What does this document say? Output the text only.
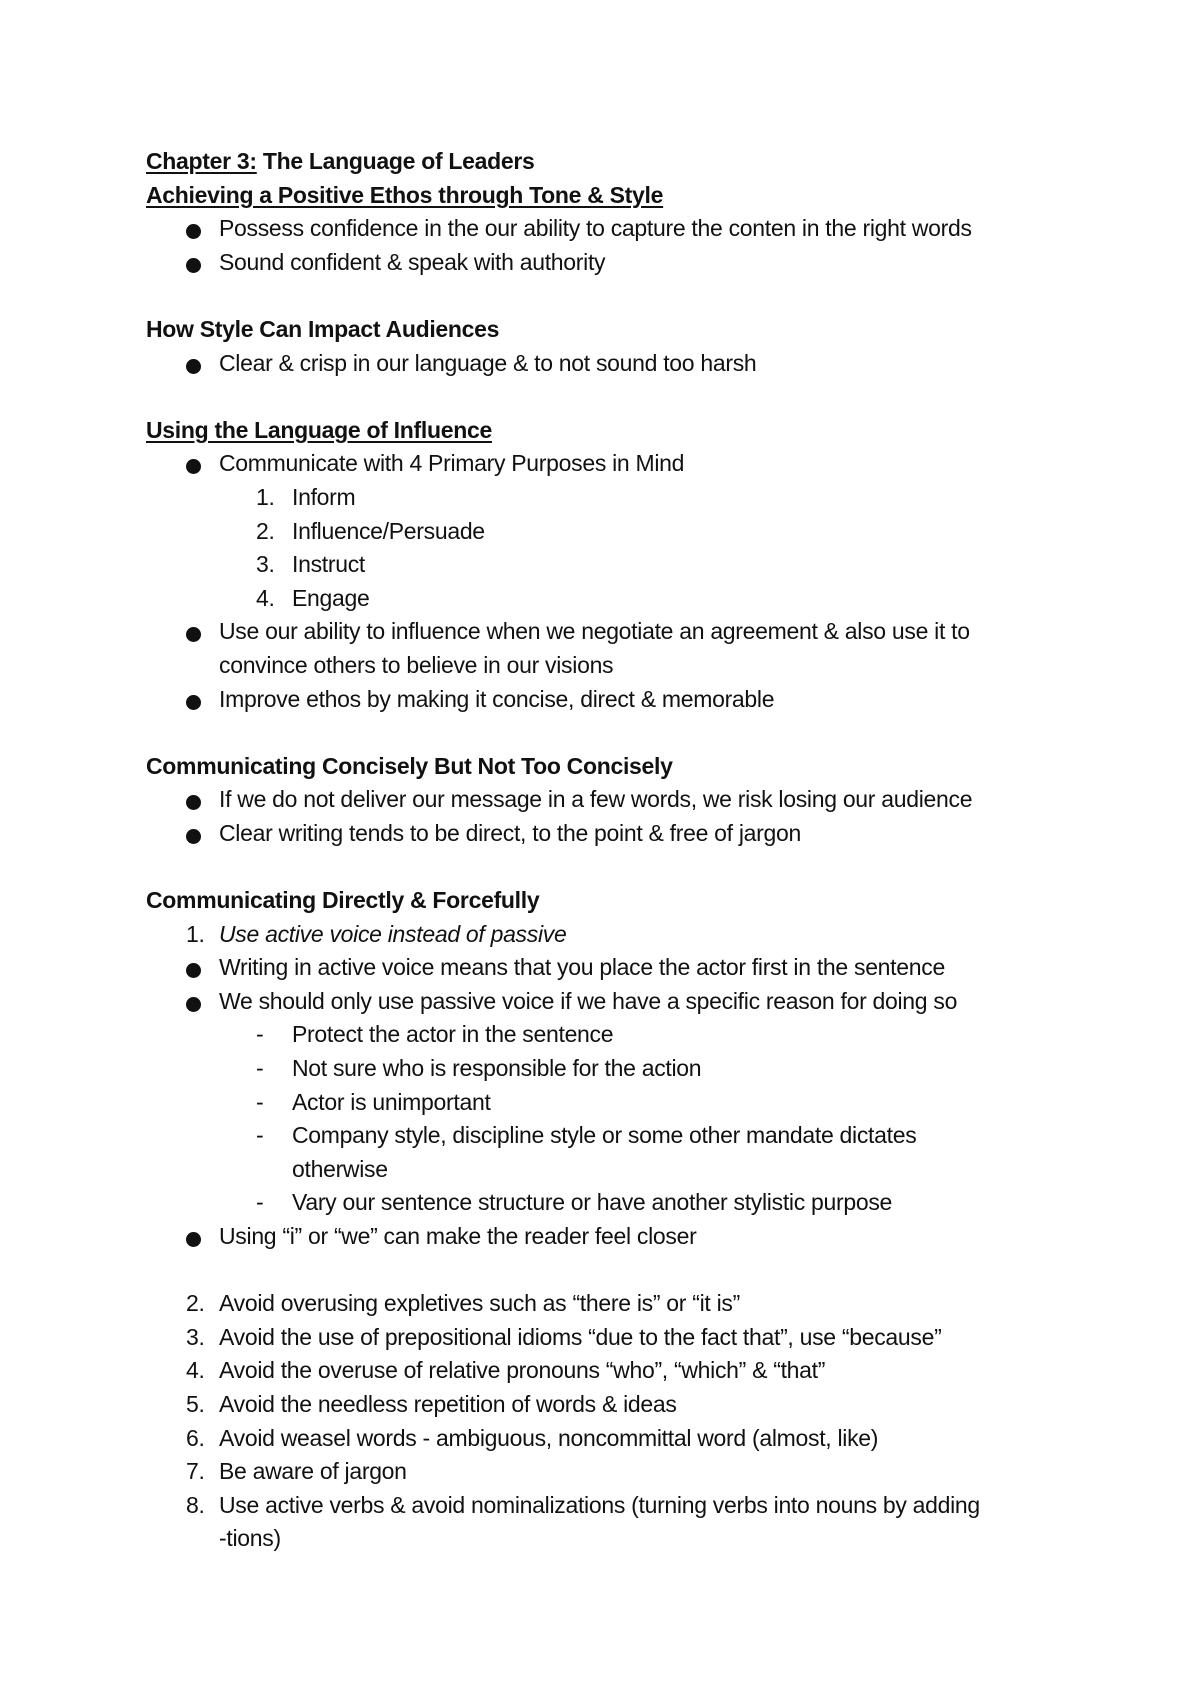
Chapter 3: The Language of Leaders
Achieving a Positive Ethos through Tone & Style
Possess confidence in the our ability to capture the conten in the right words
Sound confident & speak with authority
How Style Can Impact Audiences
Clear & crisp in our language & to not sound too harsh
Using the Language of Influence
Communicate with 4 Primary Purposes in Mind
1. Inform
2. Influence/Persuade
3. Instruct
4. Engage
Use our ability to influence when we negotiate an agreement & also use it to
convince others to believe in our visions
Improve ethos by making it concise, direct & memorable
Communicating Concisely But Not Too Concisely
If we do not deliver our message in a few words, we risk losing our audience
Clear writing tends to be direct, to the point & free of jargon
Communicating Directly & Forcefully
1. Use active voice instead of passive
Writing in active voice means that you place the actor first in the sentence
We should only use passive voice if we have a specific reason for doing so
- Protect the actor in the sentence
- Not sure who is responsible for the action
- Actor is unimportant
- Company style, discipline style or some other mandate dictates
otherwise
- Vary our sentence structure or have another stylistic purpose
Using “i” or “we” can make the reader feel closer
2. Avoid overusing expletives such as “there is” or “it is”
3. Avoid the use of prepositional idioms “due to the fact that”, use “because”
4. Avoid the overuse of relative pronouns “who”, “which” & “that”
5. Avoid the needless repetition of words & ideas
6. Avoid weasel words - ambiguous, noncommittal word (almost, like)
7. Be aware of jargon
8. Use active verbs & avoid nominalizations (turning verbs into nouns by adding
-tions)
